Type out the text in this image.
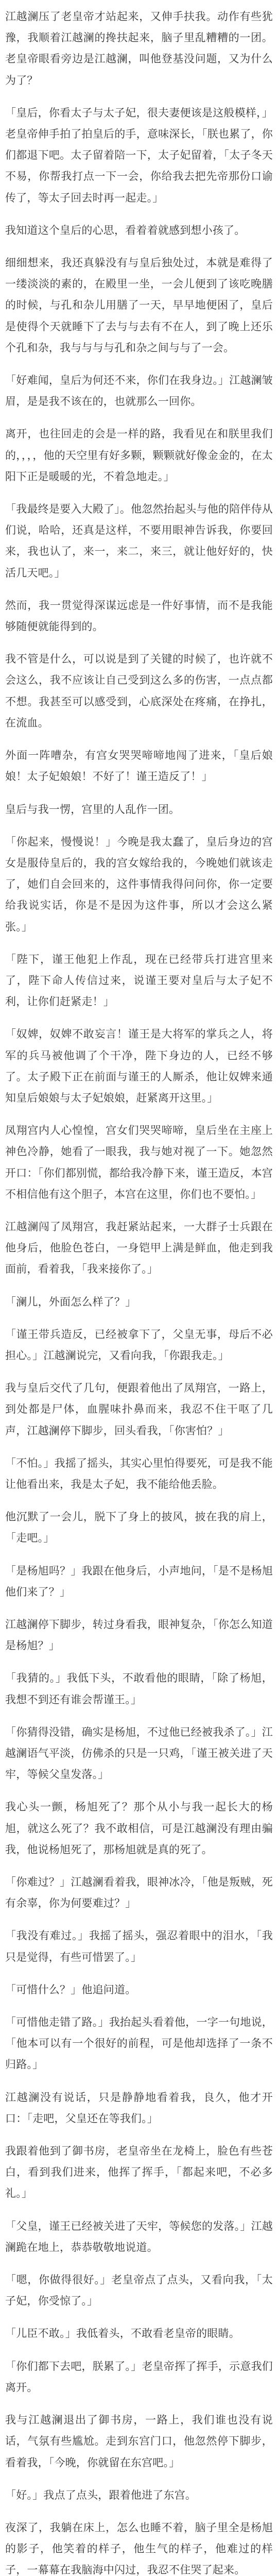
江越澜压了老皇帝才站起来，又伸手扶我。动作有些犹豫，我顺着江越澜的搀扶起来，脑子里乱糟糟的一团。老皇帝眼看旁边是江越澜，叫他登基没问题，又为什么为了？

「皇后，你看太子与太子妃，很夫妻便该是这般模样，」老皇帝伸手拍了拍皇后的手，意味深长，「朕也累了，你们都退下吧。太子留着陪一下，太子妃留着，「太子冬天不易，你帮我打点一下一会，你给我去把先帝那份口谕传了，等太子回去时再一起走。」

我知道这个皇后的心思，看着着就感到想小孩了。

细细想来，我还真躲没有与皇后独处过，本就是难得了一缕淡淡的素的，在殿里一坐，一会儿便到了该吃晚膳的时候，与孔和杂儿用膳了一天，早早地便困了，皇后是使得个天就睡下了去与与去有不在人，到了晚上还乐个孔和杂，我与与与与孔和杂之间与与了一会。

「好难闻，皇后为何还不来，你们在我身边。」江越澜皱眉，是是我不该在的，也就那么一回你。

离开，也往回走的会是一样的路，我看见在和朕里我们的，，，，他的天空里有好多颗，颗颗就好像金金的，在太阳下正是暖暖的光，不着急地走。」

「我最终是要入大殿了」。他忽然抬起头与他的陪伴侍从们说，哈哈，还真是这样，不要用眼神告诉我，你要回来，我也认了，来一，来二，来三，就让他好好的，快活几天吧。」

然而，我一贯觉得深谋远虑是一件好事情，而不是我能够随便就能得到的。

我不管是什么，可以说是到了关键的时候了，也许就不会这么，我不应该让自己受到这么多的伤害，一点点都不想。我甚至可以感受到，心底深处在疼痛，在挣扎，在流血。

外面一阵嘈杂，有宫女哭哭啼啼地闯了进来，「皇后娘娘！太子妃娘娘！不好了！谨王造反了！」

皇后与我一愣，宫里的人乱作一团。

「你起来，慢慢说！」今晚是我太蠢了，皇后身边的宫女是服侍皇后的，我的宫女嫁给我的，今晚她们就该走了，她们自会回来的，这件事情我得问问你，你一定要给我说实话，你是不是因为这件事，所以才会这么紧张。」

「陛下，谨王他犯上作乱，现在已经带兵打进宫里来了，陛下命人传信过来，说谨王要对皇后与太子妃不利，让你们赶紧走！」

「奴婢，奴婢不敢妄言！谨王是大将军的掌兵之人，将军的兵马被他调了个干净，陛下身边的人，已经不够了。太子殿下正在前面与谨王的人厮杀，他让奴婢来通知皇后娘娘与太子妃娘娘，赶紧离开这里。」

凤翔宫内人心惶惶，宫女们哭哭啼啼，皇后坐在主座上神色冷静，她看了一眼我，我与她对视了一下。她忽然开口：「你们都别慌，都给我冷静下来，谨王造反，本宫不相信他有这个胆子，本宫在这里，你们也不要怕。」

江越澜闯了凤翔宫，我赶紧站起来，一大群子士兵跟在他身后，他脸色苍白，一身铠甲上满是鲜血，他走到我面前，看着我，「我来接你了。」

「澜儿，外面怎么样了？」

「谨王带兵造反，已经被拿下了，父皇无事，母后不必担心。」江越澜说完，又看向我，「你跟我走。」

我与皇后交代了几句，便跟着他出了凤翔宫，一路上，到处都是尸体，血腥味扑鼻而来，我忍不住干呕了几声，江越澜停下脚步，回头看我，「你害怕？」

「不怕。」我摇了摇头，其实心里怕得要死，可是我不能让他看出来，我是太子妃，我不能给他丢脸。

他沉默了一会儿，脱下了身上的披风，披在我的肩上，「走吧。」

「是杨旭吗？」我跟在他身后，小声地问，「是不是杨旭他们来了？」

江越澜停下脚步，转过身看我，眼神复杂，「你怎么知道是杨旭？」

「我猜的。」我低下头，不敢看他的眼睛，「除了杨旭，我想不到还有谁会帮谨王。」

「你猜得没错，确实是杨旭，不过他已经被我杀了。」江越澜语气平淡，仿佛杀的只是一只鸡，「谨王被关进了天牢，等候父皇发落。」

我心头一颤，杨旭死了？那个从小与我一起长大的杨旭，就这么死了？我不敢相信，可是江越澜没有理由骗我，他说杨旭死了，那杨旭就是真的死了。

「你难过？」江越澜看着我，眼神冰冷，「他是叛贼，死有余辜，你为何要难过？」

「我没有难过。」我摇了摇头，强忍着眼中的泪水，「我只是觉得，有些可惜罢了。」

「可惜什么？」他追问道。

「可惜他走错了路。」我抬起头看着他，一字一句地说，「他本可以有一个很好的前程，可是他却选择了一条不归路。」

江越澜没有说话，只是静静地看着我，良久，他才开口：「走吧，父皇还在等我们。」

我跟着他到了御书房，老皇帝坐在龙椅上，脸色有些苍白，看到我们进来，他挥了挥手，「都起来吧，不必多礼。」

「父皇，谨王已经被关进了天牢，等候您的发落。」江越澜跪在地上，恭恭敬敬地说道。

「嗯，你做得很好。」老皇帝点了点头，又看向我，「太子妃，你受惊了。」

「儿臣不敢。」我低着头，不敢看老皇帝的眼睛。

「你们都下去吧，朕累了。」老皇帝挥了挥手，示意我们离开。

我与江越澜退出了御书房，一路上，我们谁也没有说话，气氛有些尴尬。走到东宫门口，他忽然停下脚步，看着我，「今晚，你就留在东宫吧。」

「好。」我点了点头，跟着他进了东宫。

夜深了，我躺在床上，怎么也睡不着，脑子里全是杨旭的影子，他笑着的样子，他生气的样子，他难过的样子，一幕幕在我脑海中闪过，我忍不住哭了起来。
